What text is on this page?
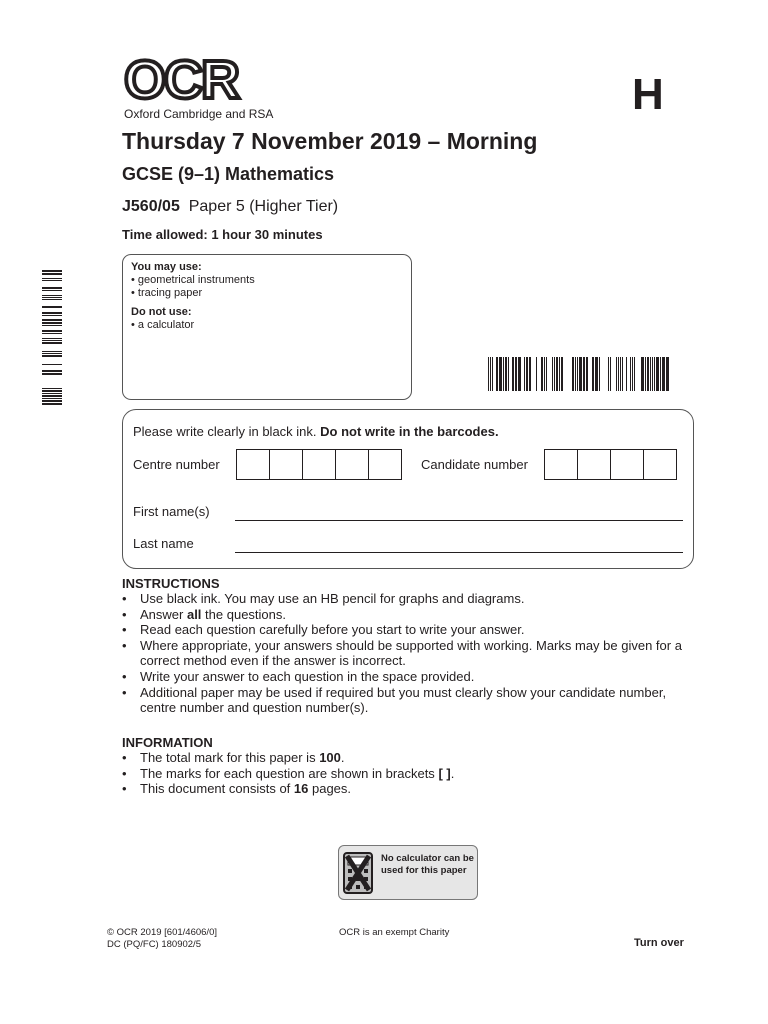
OCR
Oxford Cambridge and RSA	H
Thursday 7 November 2019 – Morning
GCSE (9–1) Mathematics
J560/05 Paper 5 (Higher Tier)
Time allowed: 1 hour 30 minutes
You may use:
• geometrical instruments
• tracing paper
Do not use:
• a calculator
Please write clearly in black ink. Do not write in the barcodes.
Centre number	Candidate number
First name(s)
Last name
INSTRUCTIONS
• Use black ink. You may use an HB pencil for graphs and diagrams.
• Answer all the questions.
• Read each question carefully before you start to write your answer.
• Where appropriate, your answers should be supported with working. Marks may be given for a correct method even if the answer is incorrect.
• Write your answer to each question in the space provided.
• Additional paper may be used if required but you must clearly show your candidate number, centre number and question number(s).
INFORMATION
• The total mark for this paper is 100.
• The marks for each question are shown in brackets [ ].
• This document consists of 16 pages.
No calculator can be used for this paper
© OCR 2019 [601/4606/0]
DC (PQ/FC) 180902/5
OCR is an exempt Charity
Turn over
